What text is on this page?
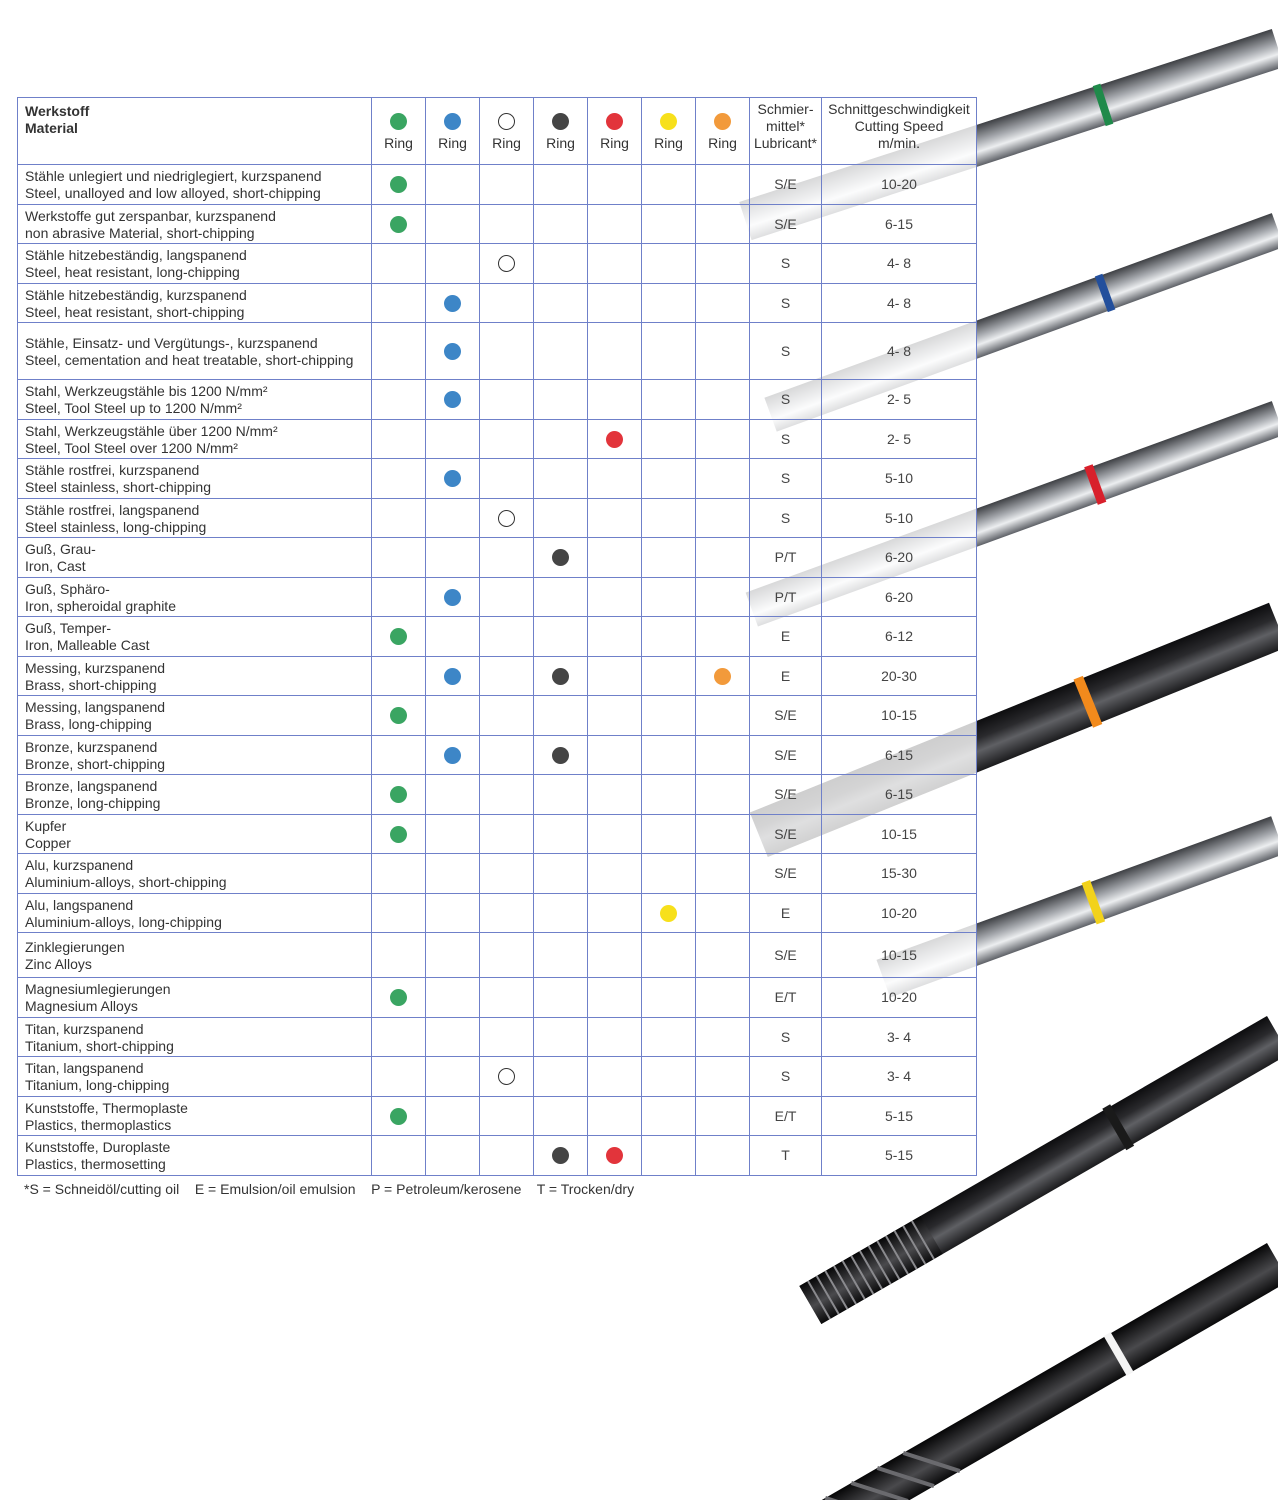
Werkstoff
Material	Ring	Ring	Ring	Ring	Ring	Ring	Ring	Schmier-
mittel*
Lubricant*	Schnittgeschwindigkeit
Cutting Speed
m/min.

Stähle unlegiert und niedriglegiert, kurzspanend
Steel, unalloyed and low alloyed, short-chipping								S/E	10-20

Werkstoffe gut zerspanbar, kurzspanend
non abrasive Material, short-chipping								S/E	6-15

Stähle hitzebeständig, langspanend
Steel, heat resistant, long-chipping								S	4- 8

Stähle hitzebeständig, kurzspanend
Steel, heat resistant, short-chipping								S	4- 8

Stähle, Einsatz- und Vergütungs-, kurzspanend
Steel, cementation and heat treatable, short-chipping								S	4- 8

Stahl, Werkzeugstähle bis 1200 N/mm²
Steel, Tool Steel up to 1200 N/mm²								S	2- 5

Stahl, Werkzeugstähle über 1200 N/mm²
Steel, Tool Steel over 1200 N/mm²								S	2- 5

Stähle rostfrei, kurzspanend
Steel stainless, short-chipping								S	5-10

Stähle rostfrei, langspanend
Steel stainless, long-chipping								S	5-10

Guß, Grau-
Iron, Cast								P/T	6-20

Guß, Sphäro-
Iron, spheroidal graphite								P/T	6-20

Guß, Temper-
Iron, Malleable Cast								E	6-12

Messing, kurzspanend
Brass, short-chipping								E	20-30

Messing, langspanend
Brass, long-chipping								S/E	10-15

Bronze, kurzspanend
Bronze, short-chipping								S/E	6-15

Bronze, langspanend
Bronze, long-chipping								S/E	6-15

Kupfer
Copper								S/E	10-15

Alu, kurzspanend
Aluminium-alloys, short-chipping								S/E	15-30

Alu, langspanend
Aluminium-alloys, long-chipping								E	10-20

Zinklegierungen
Zinc Alloys								S/E	10-15

Magnesiumlegierungen
Magnesium Alloys								E/T	10-20

Titan, kurzspanend
Titanium, short-chipping								S	3- 4

Titan, langspanend
Titanium, long-chipping								S	3- 4

Kunststoffe, Thermoplaste
Plastics, thermoplastics								E/T	5-15

Kunststoffe, Duroplaste
Plastics, thermosetting								T	5-15
*S = Schneidöl/cutting oil    E = Emulsion/oil emulsion    P = Petroleum/kerosene    T = Trocken/dry
